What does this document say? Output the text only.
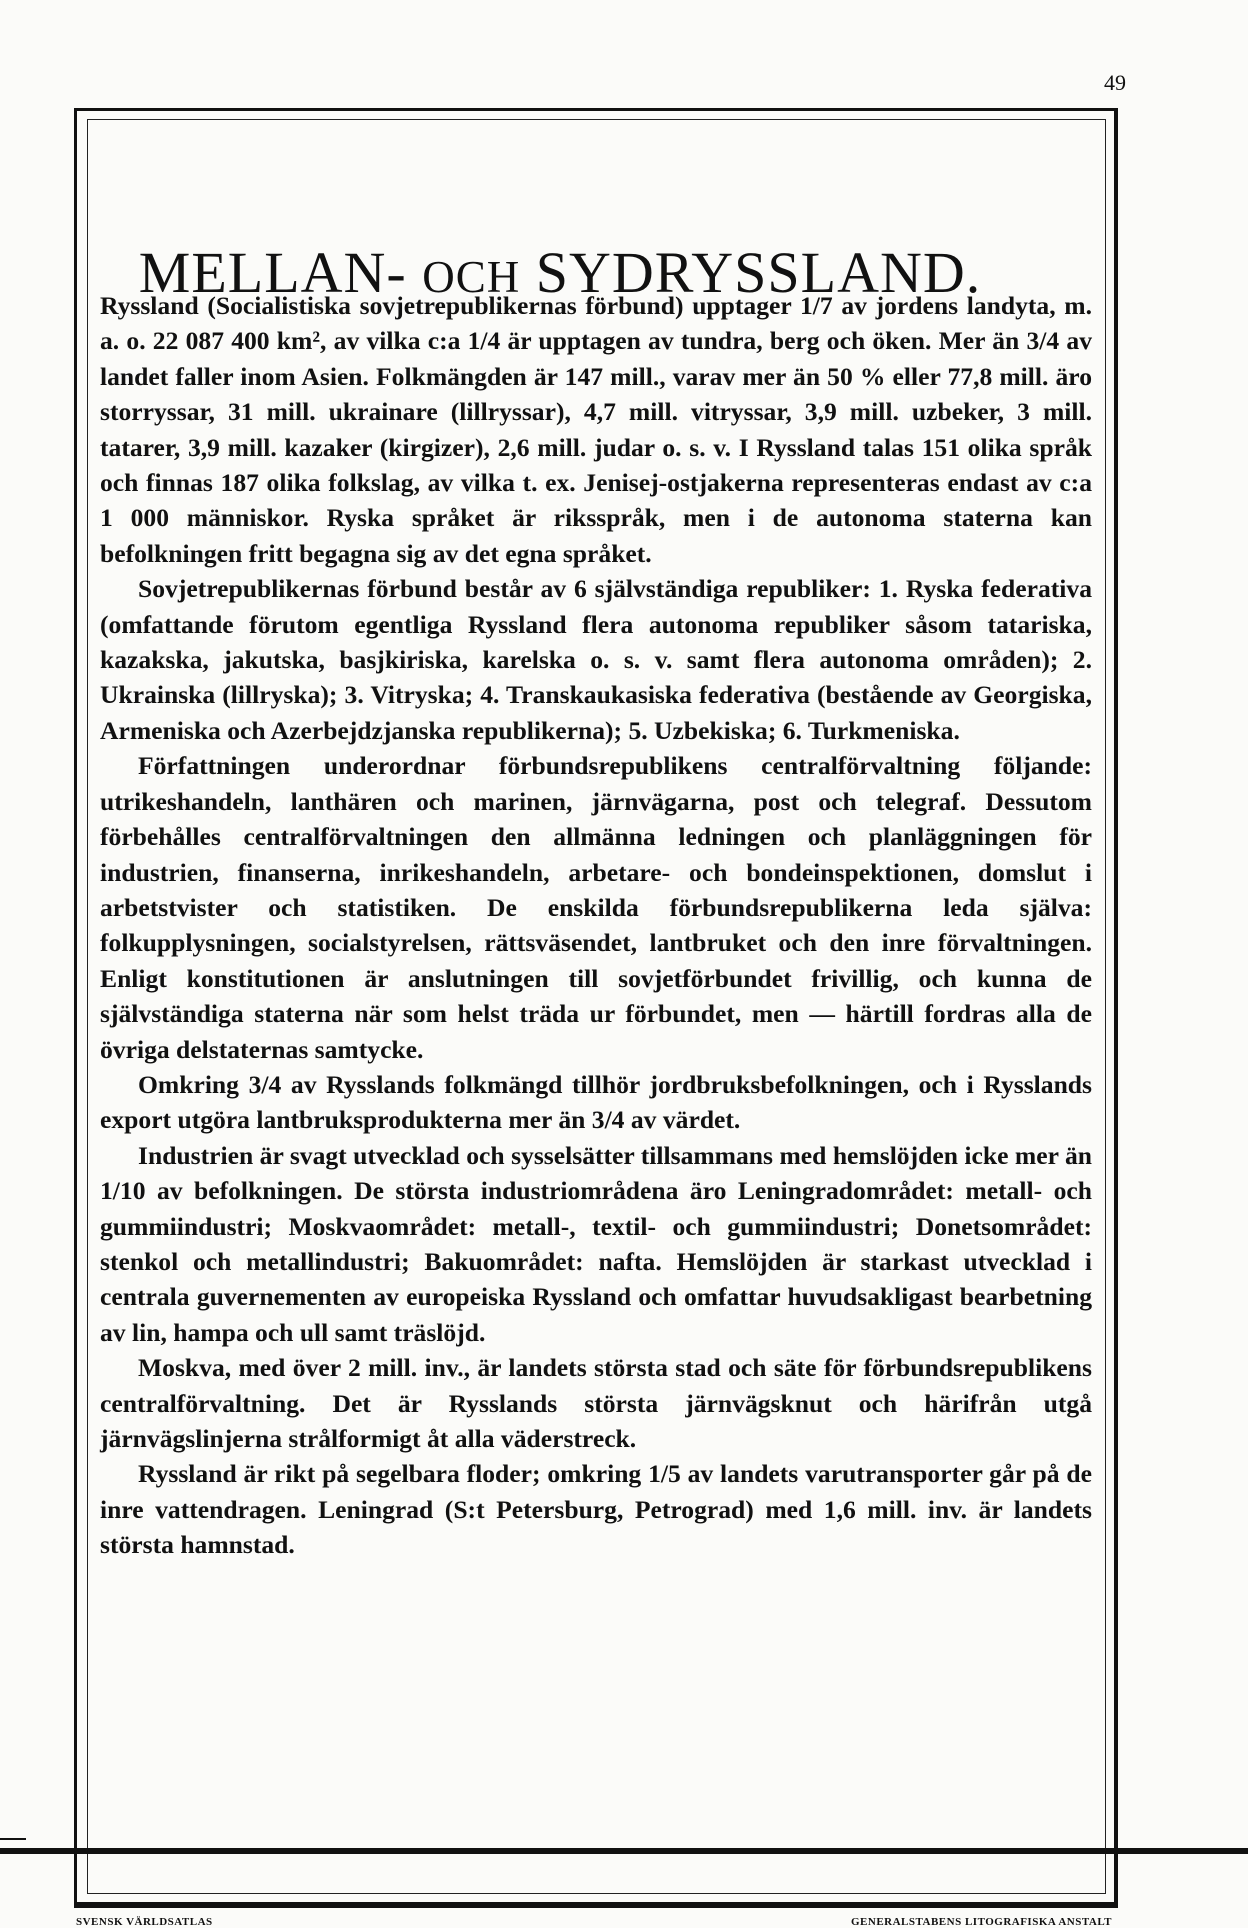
49
MELLAN- OCH SYDRYSSLAND.

Ryssland (Socialistiska sovjetrepublikernas förbund) upptager 1/7 av jordens landyta, m. a. o. 22 087 400 km², av vilka c:a 1/4 är upptagen av tundra, berg och öken. Mer än 3/4 av landet faller inom Asien. Folkmängden är 147 mill., varav mer än 50 % eller 77,8 mill. äro storryssar, 31 mill. ukrainare (lillryssar), 4,7 mill. vitryssar, 3,9 mill. uzbeker, 3 mill. tatarer, 3,9 mill. kazaker (kirgizer), 2,6 mill. judar o. s. v. I Ryssland talas 151 olika språk och finnas 187 olika folkslag, av vilka t. ex. Jenisej-ostjakerna representeras endast av c:a 1 000 människor. Ryska språket är riksspråk, men i de autonoma staterna kan befolkningen fritt begagna sig av det egna språket.

Sovjetrepublikernas förbund består av 6 självständiga republiker: 1. Ryska federativa (omfattande förutom egentliga Ryssland flera autonoma republiker såsom tatariska, kazakska, jakutska, basjkiriska, karelska o. s. v. samt flera autonoma områden); 2. Ukrainska (lillryska); 3. Vitryska; 4. Transkaukasiska federativa (bestående av Georgiska, Armeniska och Azerbejdzjanska republikerna); 5. Uzbekiska; 6. Turkmeniska.

Författningen underordnar förbundsrepublikens centralförvaltning följande: utrikeshandeln, lanthären och marinen, järnvägarna, post och telegraf. Dessutom förbehålles centralförvaltningen den allmänna ledningen och planläggningen för industrien, finanserna, inrikeshandeln, arbetare- och bondeinspektionen, domslut i arbetstvister och statistiken. De enskilda förbundsrepublikerna leda själva: folkupplysningen, socialstyrelsen, rättsväsendet, lantbruket och den inre förvaltningen. Enligt konstitutionen är anslutningen till sovjetförbundet frivillig, och kunna de självständiga staterna när som helst träda ur förbundet, men — härtill fordras alla de övriga delstaternas samtycke.

Omkring 3/4 av Rysslands folkmängd tillhör jordbruksbefolkningen, och i Rysslands export utgöra lantbruksprodukterna mer än 3/4 av värdet.

Industrien är svagt utvecklad och sysselsätter tillsammans med hemslöjden icke mer än 1/10 av befolkningen. De största industriområdena äro Leningradområdet: metall- och gummiindustri; Moskvaområdet: metall-, textil- och gummiindustri; Donetsområdet: stenkol och metallindustri; Bakuområdet: nafta. Hemslöjden är starkast utvecklad i centrala guvernementen av europeiska Ryssland och omfattar huvudsakligast bearbetning av lin, hampa och ull samt träslöjd.

Moskva, med över 2 mill. inv., är landets största stad och säte för förbundsrepublikens centralförvaltning. Det är Rysslands största järnvägsknut och härifrån utgå järnvägslinjerna strålformigt åt alla väderstreck.

Ryssland är rikt på segelbara floder; omkring 1/5 av landets varutransporter går på de inre vattendragen. Leningrad (S:t Petersburg, Petrograd) med 1,6 mill. inv. är landets största hamnstad.

SVENSK VÄRLDSATLAS	GENERALSTABENS LITOGRAFISKA ANSTALT
